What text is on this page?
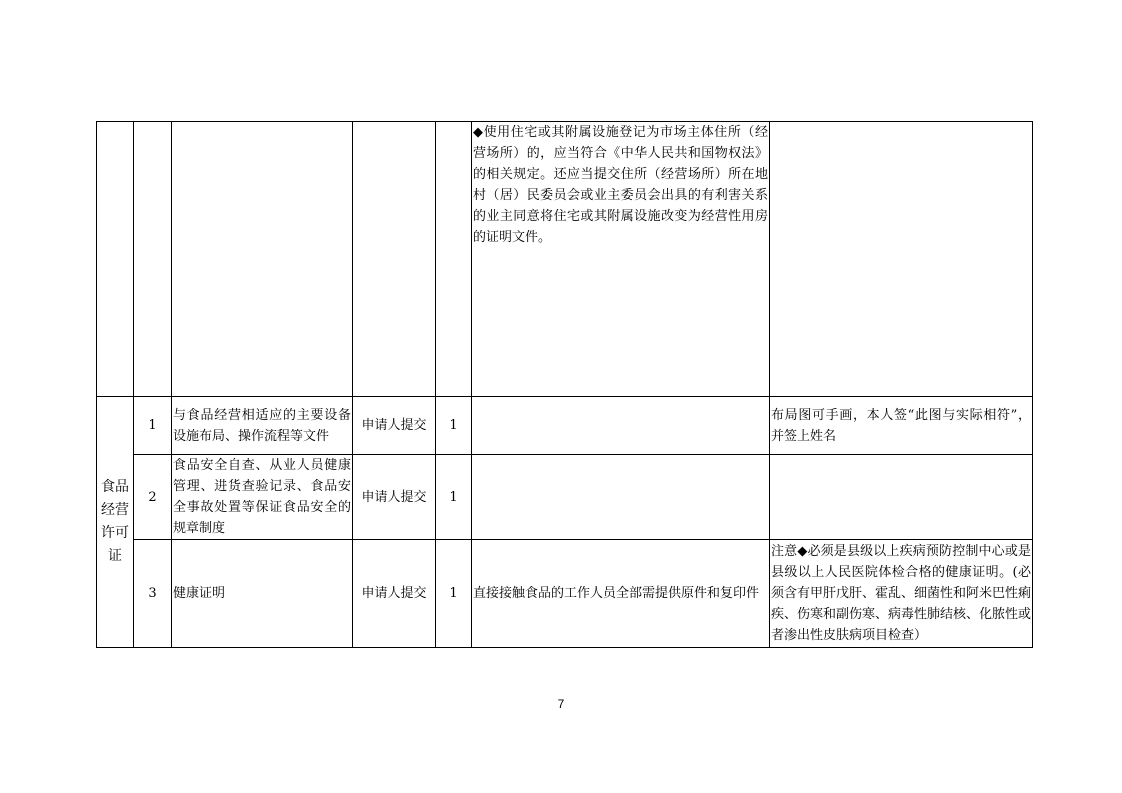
					◆使用住宅或其附属设施登记为市场主体住所（经营场所）的，应当符合《中华人民共和国物权法》的相关规定。还应当提交住所（经营场所）所在地村（居）民委员会或业主委员会出具的有利害关系的业主同意将住宅或其附属设施改变为经营性用房的证明文件。	
食品经营许可证	1	与食品经营相适应的主要设备设施布局、操作流程等文件	申请人提交	1		布局图可手画，本人签“此图与实际相符”，并签上姓名
	2	食品安全自查、从业人员健康管理、进货查验记录、食品安全事故处置等保证食品安全的规章制度	申请人提交	1		
	3	健康证明	申请人提交	1	直接接触食品的工作人员全部需提供原件和复印件	注意◆必须是县级以上疾病预防控制中心或是县级以上人民医院体检合格的健康证明。(必须含有甲肝戊肝、霍乱、细菌性和阿米巴性痢疾、伤寒和副伤寒、病毒性肺结核、化脓性或者渗出性皮肤病项目检查）
7
